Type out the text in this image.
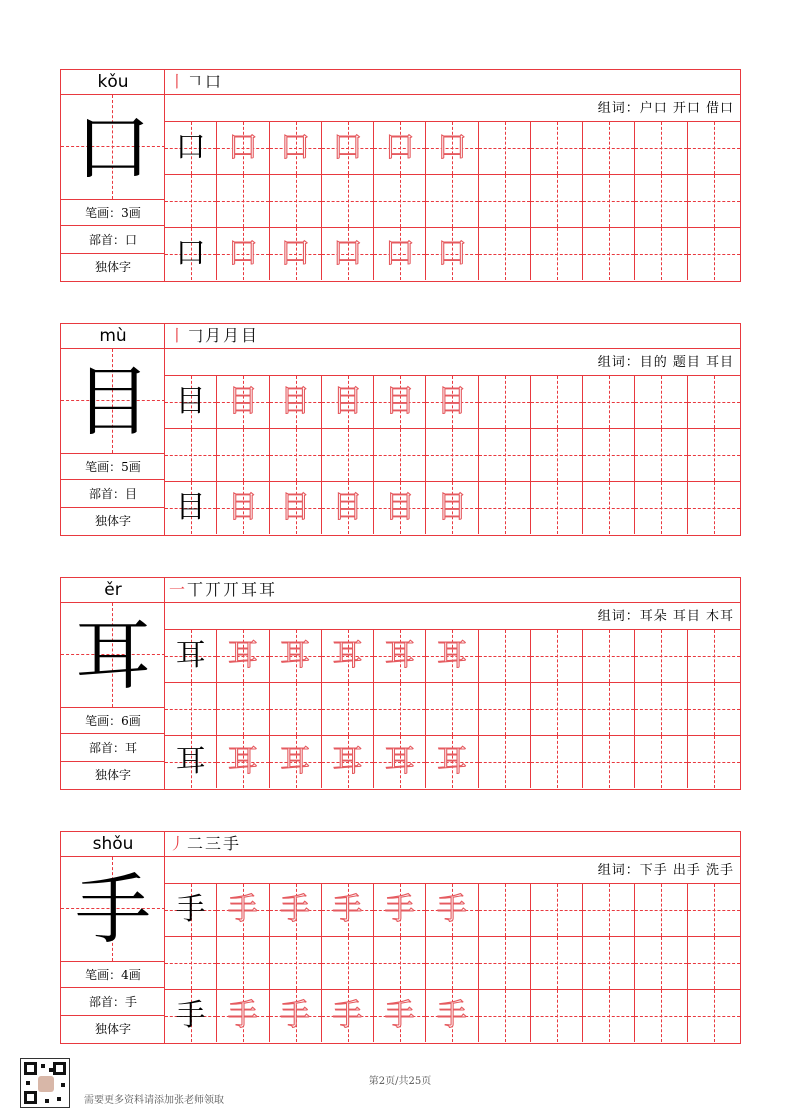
kǒu
口
笔画：3画
部首：口
独体字
丨 𠃍 口
组词：户口 开口 借口
口 口 口 口 口 口
口 口 口 口 口 口
mù
目
笔画：5画
部首：目
独体字
丨 𠃌 月 月 目
组词：目的 题目 耳目
目 目 目 目 目 目
目 目 目 目 目 目
ěr
耳
笔画：6画
部首：耳
独体字
一 丅 丌 丌 耳 耳
组词：耳朵 耳目 木耳
耳 耳 耳 耳 耳 耳
耳 耳 耳 耳 耳 耳
shǒu
手
笔画：4画
部首：手
独体字
丿 二 三 手
组词：下手 出手 洗手
手 手 手 手 手 手
手 手 手 手 手 手
第2页/共25页
需要更多资料请添加张老师领取
